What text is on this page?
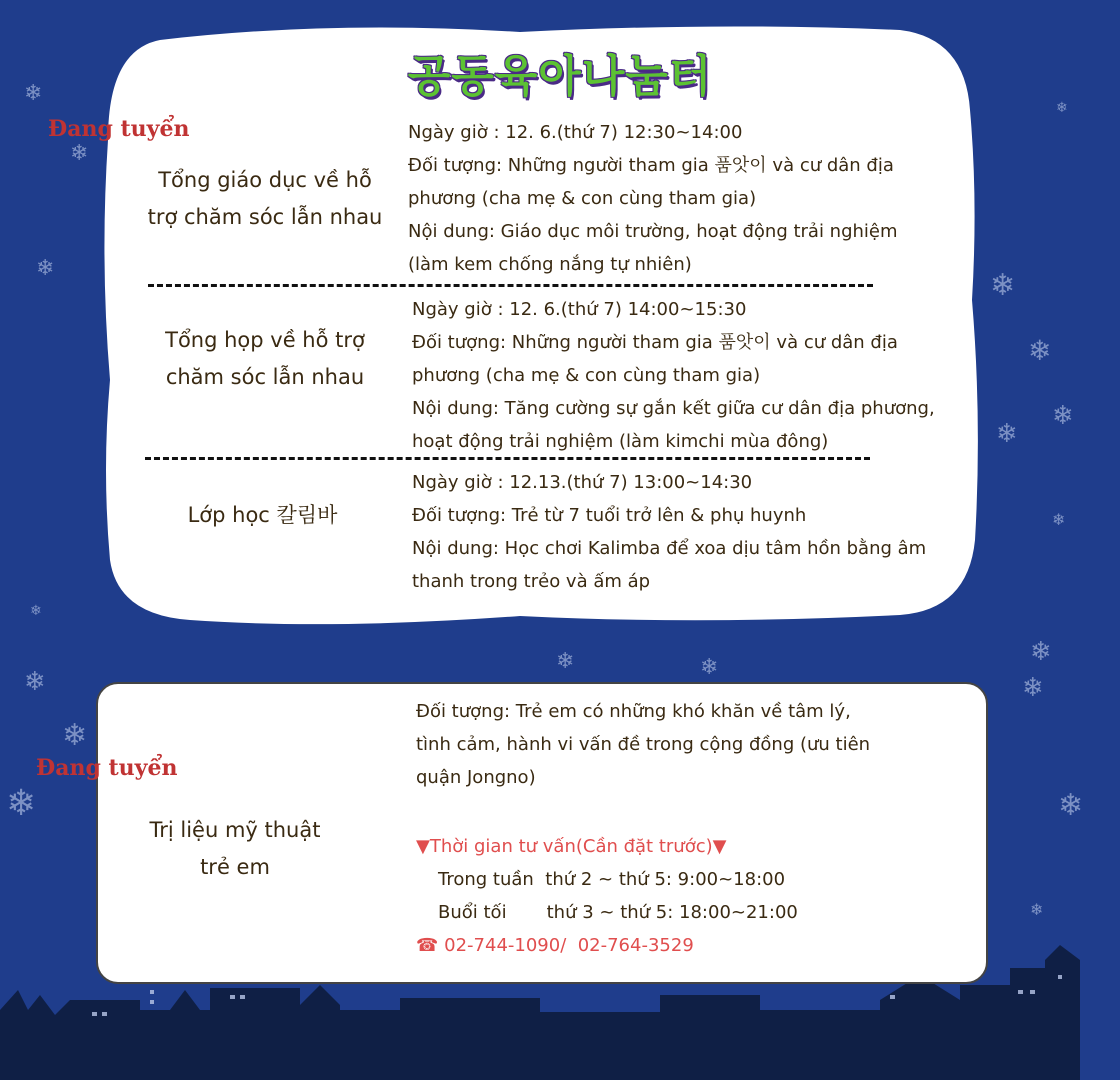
❄
❄
❄
❄
❄
❄
❄
❄	❄
❄
❄
❄
❄
❄
❄
❄
❄
❄
❄
공동육아나눔터
Đang tuyển
Tổng giáo dục về hỗ
trợ chăm sóc lẫn nhau
Ngày giờ : 12. 6.(thứ 7) 12:30~14:00
Đối tượng: Những người tham gia 품앗이 và cư dân địa
phương (cha mẹ & con cùng tham gia)
Nội dung: Giáo dục môi trường, hoạt động trải nghiệm
(làm kem chống nắng tự nhiên)
Tổng họp về hỗ trợ
chăm sóc lẫn nhau
Ngày giờ : 12. 6.(thứ 7) 14:00~15:30
Đối tượng: Những người tham gia 품앗이 và cư dân địa
phương (cha mẹ & con cùng tham gia)
Nội dung: Tăng cường sự gắn kết giữa cư dân địa phương,
hoạt động trải nghiệm (làm kimchi mùa đông)
Lớp học 칼림바
Ngày giờ : 12.13.(thứ 7) 13:00~14:30
Đối tượng: Trẻ từ 7 tuổi trở lên & phụ huynh
Nội dung: Học chơi Kalimba để xoa dịu tâm hồn bằng âm
thanh trong trẻo và ấm áp
Đang tuyển
Trị liệu mỹ thuật
trẻ em
Đối tượng: Trẻ em có những khó khăn về tâm lý,
tình cảm, hành vi vấn đề trong cộng đồng (ưu tiên
quận Jongno)
▼Thời gian tư vấn(Cần đặt trước)▼
Trong tuần  thứ 2 ~ thứ 5: 9:00~18:00
Buổi tối       thứ 3 ~ thứ 5: 18:00~21:00
☎ 02-744-1090/  02-764-3529
